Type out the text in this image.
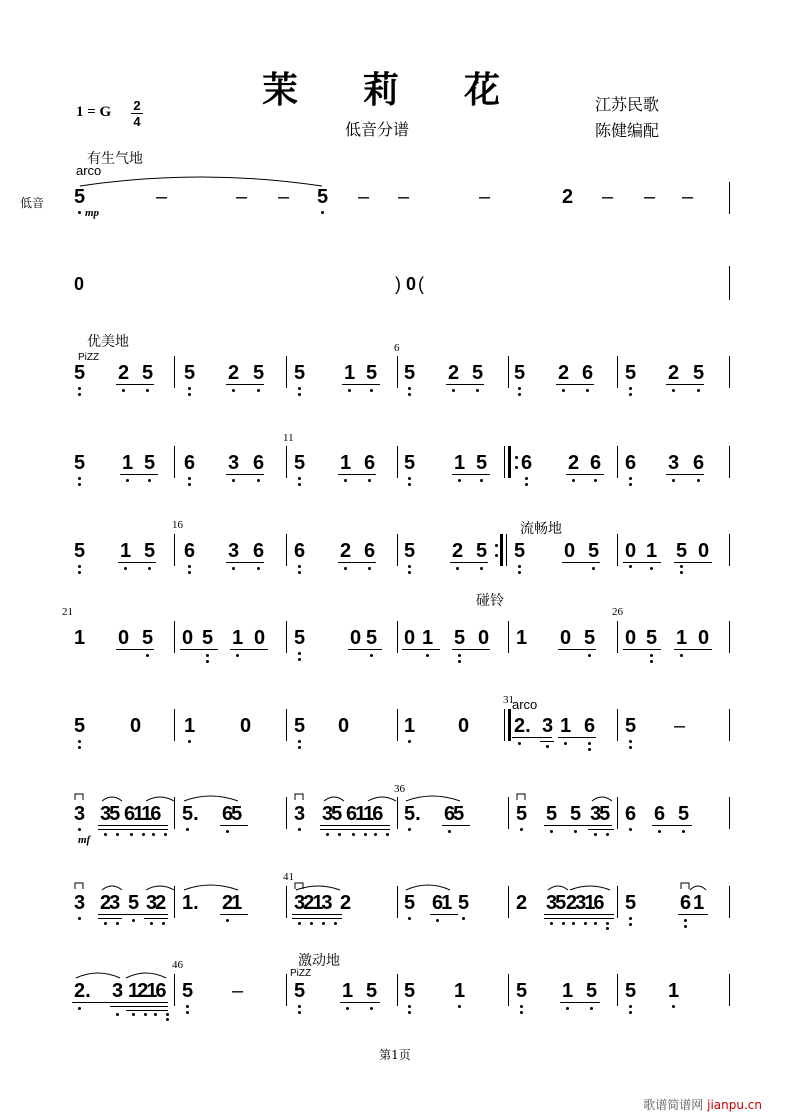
茉 莉 花
低音分谱
1 = G 2
4
江苏民歌
陈健编配
有生气地
arco
低音 5	–	– – 5 – –	–	2 – – –
mp
0	) 0 (
优美地
PiZZ
6
5 2 5 5 2 5 5 1 5 5 2 5 5 2 6 5 2 5
11
5 1 5 6 3 6 5 1 6 5 1 5 6 2 6 6 3 6
16	流畅地
5 1 5 6 3 6 6 2 6 5 2 5 5 0 5 0 1 5 0
21
碰铃
26
1 0 5 0 5 1 0 5 0 5 0 1 5 0 1 0 5 0 5 1 0
31
arco
5 0 1 0 5 0	1 0 2. 3 1 6 5 –
36
3 35 6116 5. 65	3 35 6116 5. 65	5 5 5 35 6 6 5
mf
41
3 23 5 32 1. 21	3213 2	5 61 5 2 35 2316 5 61
46	激动地
PiZZ
2. 3 1216 5 –	5 1 5 5 1	5 1 5 5 1
第1页
歌谱简谱网 jianpu.cn
